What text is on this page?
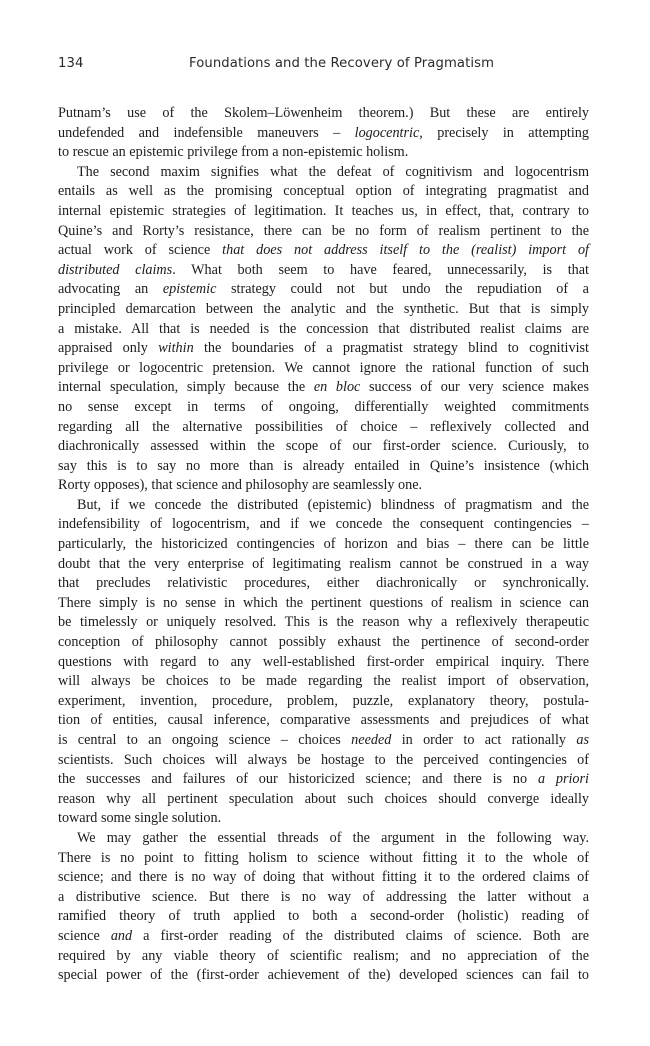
134	Foundations and the Recovery of Pragmatism
Putnam’s use of the Skolem–Löwenheim theorem.) But these are entirely
undefended and indefensible maneuvers – logocentric, precisely in attempting
to rescue an epistemic privilege from a non-epistemic holism.
The second maxim signifies what the defeat of cognitivism and logocentrism
entails as well as the promising conceptual option of integrating pragmatist and
internal epistemic strategies of legitimation. It teaches us, in effect, that, contrary to
Quine’s and Rorty’s resistance, there can be no form of realism pertinent to the
actual work of science that does not address itself to the (realist) import of
distributed claims. What both seem to have feared, unnecessarily, is that
advocating an epistemic strategy could not but undo the repudiation of a
principled demarcation between the analytic and the synthetic. But that is simply
a mistake. All that is needed is the concession that distributed realist claims are
appraised only within the boundaries of a pragmatist strategy blind to cognitivist
privilege or logocentric pretension. We cannot ignore the rational function of such
internal speculation, simply because the en bloc success of our very science makes
no sense except in terms of ongoing, differentially weighted commitments
regarding all the alternative possibilities of choice – reflexively collected and
diachronically assessed within the scope of our first-order science. Curiously, to
say this is to say no more than is already entailed in Quine’s insistence (which
Rorty opposes), that science and philosophy are seamlessly one.
But, if we concede the distributed (epistemic) blindness of pragmatism and the
indefensibility of logocentrism, and if we concede the consequent contingencies –
particularly, the historicized contingencies of horizon and bias – there can be little
doubt that the very enterprise of legitimating realism cannot be construed in a way
that precludes relativistic procedures, either diachronically or synchronically.
There simply is no sense in which the pertinent questions of realism in science can
be timelessly or uniquely resolved. This is the reason why a reflexively therapeutic
conception of philosophy cannot possibly exhaust the pertinence of second-order
questions with regard to any well-established first-order empirical inquiry. There
will always be choices to be made regarding the realist import of observation,
experiment, invention, procedure, problem, puzzle, explanatory theory, postula-
tion of entities, causal inference, comparative assessments and prejudices of what
is central to an ongoing science – choices needed in order to act rationally as
scientists. Such choices will always be hostage to the perceived contingencies of
the successes and failures of our historicized science; and there is no a priori
reason why all pertinent speculation about such choices should converge ideally
toward some single solution.
We may gather the essential threads of the argument in the following way.
There is no point to fitting holism to science without fitting it to the whole of
science; and there is no way of doing that without fitting it to the ordered claims of
a distributive science. But there is no way of addressing the latter without a
ramified theory of truth applied to both a second-order (holistic) reading of
science and a first-order reading of the distributed claims of science. Both are
required by any viable theory of scientific realism; and no appreciation of the
special power of the (first-order achievement of the) developed sciences can fail to
